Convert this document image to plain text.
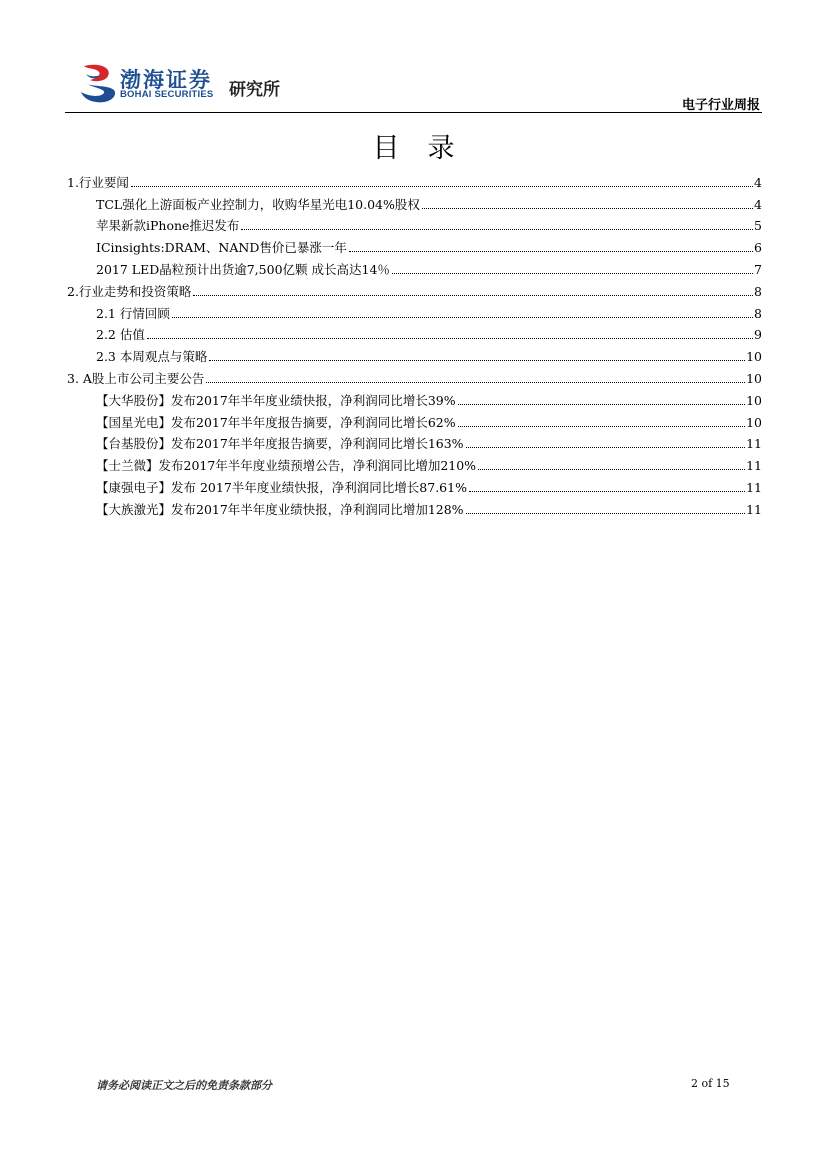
渤海证券
BOHAI SECURITIES 研究所
电子行业周报
目录
1.行业要闻	4
TCL强化上游面板产业控制力，收购华星光电10.04%股权	4
苹果新款iPhone推迟发布	5
ICinsights:DRAM、NAND售价已暴涨一年	6
2017 LED晶粒预计出货逾7,500亿颗 成长高达14％	7
2.行业走势和投资策略	8
2.1 行情回顾	8
2.2 估值	9
2.3 本周观点与策略	10
3. A股上市公司主要公告	10
【大华股份】发布2017年半年度业绩快报，净利润同比增长39%	10
【国星光电】发布2017年半年度报告摘要，净利润同比增长62%	10
【台基股份】发布2017年半年度报告摘要，净利润同比增长163%	11
【士兰微】发布2017年半年度业绩预增公告，净利润同比增加210%	11
【康强电子】发布 2017半年度业绩快报，净利润同比增长87.61%	11
【大族激光】发布2017年半年度业绩快报，净利润同比增加128%	11
请务必阅读正文之后的免责条款部分	2 of 15
